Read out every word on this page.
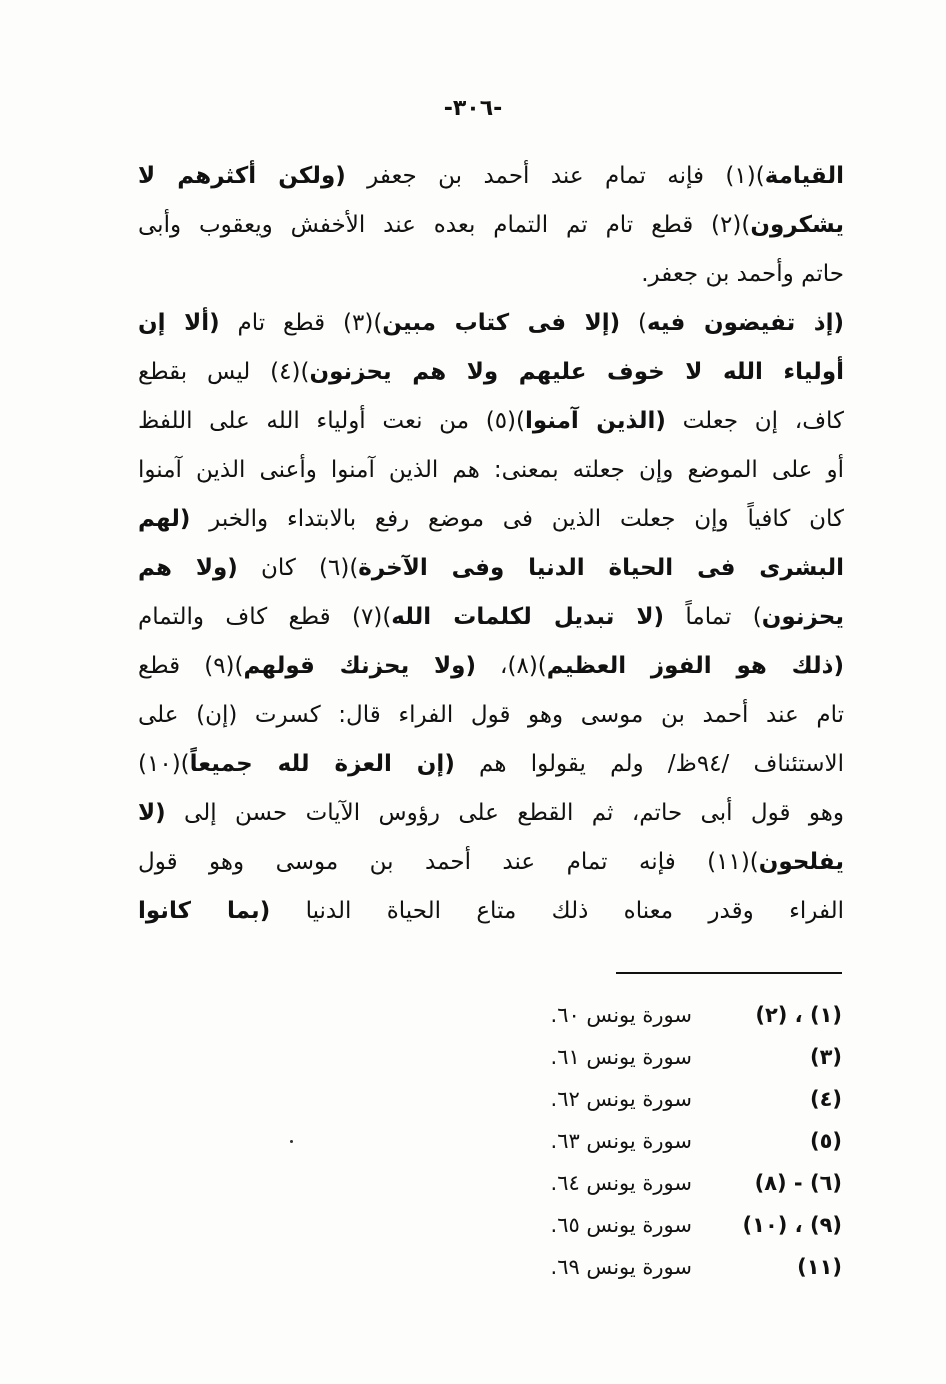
-٣٠٦-
القيامة)(١) فإنه تمام عند أحمد بن جعفر (ولكن أكثرهم لا
يشكرون)(٢) قطع تام تم التمام بعده عند الأخفش ويعقوب وأبى
حاتم وأحمد بن جعفر.
(إذ تفيضون فيه) (إلا فى كتاب مبين)(٣) قطع تام (ألا إن
أولياء الله لا خوف عليهم ولا هم يحزنون)(٤) ليس بقطع
كاف، إن جعلت (الذين آمنوا)(٥) من نعت أولياء الله على اللفظ
أو على الموضع وإن جعلته بمعنى: هم الذين آمنوا وأعنى الذين آمنوا
كان كافياً وإن جعلت الذين فى موضع رفع بالابتداء والخبر (لهم
البشرى فى الحياة الدنيا وفى الآخرة)(٦) كان (ولا هم
يحزنون) تماماً (لا تبديل لكلمات الله)(٧) قطع كاف والتمام
(ذلك هو الفوز العظيم)(٨)، (ولا يحزنك قولهم)(٩) قطع
تام عند أحمد بن موسى وهو قول الفراء قال: كسرت (إن) على
الاستئناف /٩٤ظ/ ولم يقولوا هم (إن العزة لله جميعاً)(١٠)
وهو قول أبى حاتم، ثم القطع على رؤوس الآيات حسن إلى (لا
يفلحون)(١١) فإنه تمام عند أحمد بن موسى وهو قول
الفراء وقدر معناه ذلك متاع الحياة الدنيا (بما كانوا
(١) ، (٢)
سورة يونس ٦٠.
(٣)
سورة يونس ٦١.
(٤)
سورة يونس ٦٢.
(٥)
سورة يونس ٦٣.
(٦) - (٨)
سورة يونس ٦٤.
(٩) ، (١٠)
سورة يونس ٦٥.
(١١)
سورة يونس ٦٩.
